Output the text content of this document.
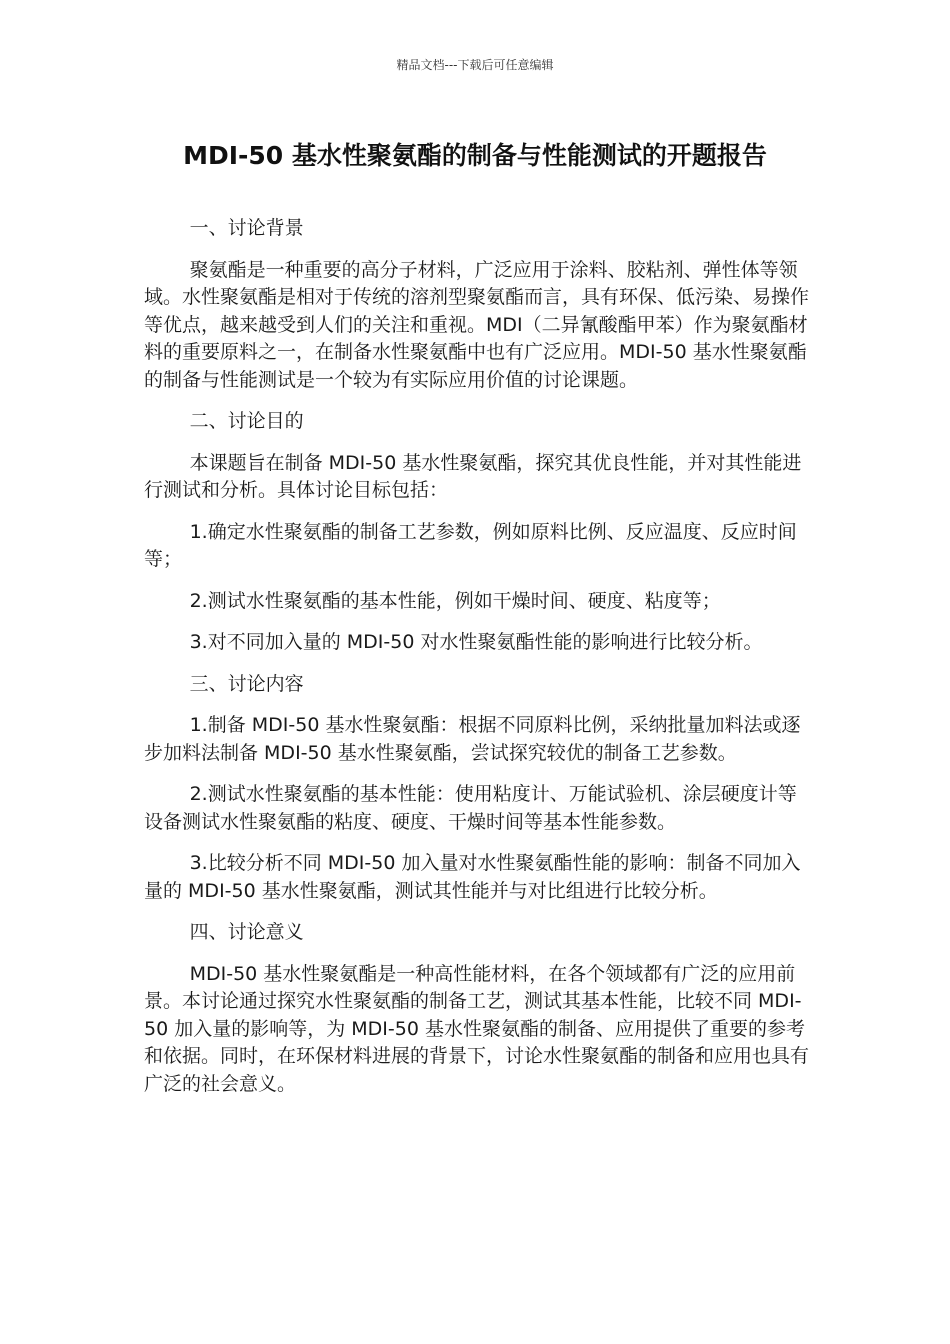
精品文档---下载后可任意编辑
MDI-50 基水性聚氨酯的制备与性能测试的开题报告

一、讨论背景

聚氨酯是一种重要的高分子材料，广泛应用于涂料、胶粘剂、弹性体等领域。水性聚氨酯是相对于传统的溶剂型聚氨酯而言，具有环保、低污染、易操作等优点，越来越受到人们的关注和重视。MDI（二异氰酸酯甲苯）作为聚氨酯材料的重要原料之一，在制备水性聚氨酯中也有广泛应用。MDI-50 基水性聚氨酯的制备与性能测试是一个较为有实际应用价值的讨论课题。

二、讨论目的

本课题旨在制备 MDI-50 基水性聚氨酯，探究其优良性能，并对其性能进行测试和分析。具体讨论目标包括：

1.确定水性聚氨酯的制备工艺参数，例如原料比例、反应温度、反应时间等；

2.测试水性聚氨酯的基本性能，例如干燥时间、硬度、粘度等；

3.对不同加入量的 MDI-50 对水性聚氨酯性能的影响进行比较分析。

三、讨论内容

1.制备 MDI-50 基水性聚氨酯：根据不同原料比例，采纳批量加料法或逐步加料法制备 MDI-50 基水性聚氨酯，尝试探究较优的制备工艺参数。

2.测试水性聚氨酯的基本性能：使用粘度计、万能试验机、涂层硬度计等设备测试水性聚氨酯的粘度、硬度、干燥时间等基本性能参数。

3.比较分析不同 MDI-50 加入量对水性聚氨酯性能的影响：制备不同加入量的 MDI-50 基水性聚氨酯，测试其性能并与对比组进行比较分析。

四、讨论意义

MDI-50 基水性聚氨酯是一种高性能材料，在各个领域都有广泛的应用前景。本讨论通过探究水性聚氨酯的制备工艺，测试其基本性能，比较不同 MDI-50 加入量的影响等，为 MDI-50 基水性聚氨酯的制备、应用提供了重要的参考和依据。同时，在环保材料进展的背景下，讨论水性聚氨酯的制备和应用也具有广泛的社会意义。
